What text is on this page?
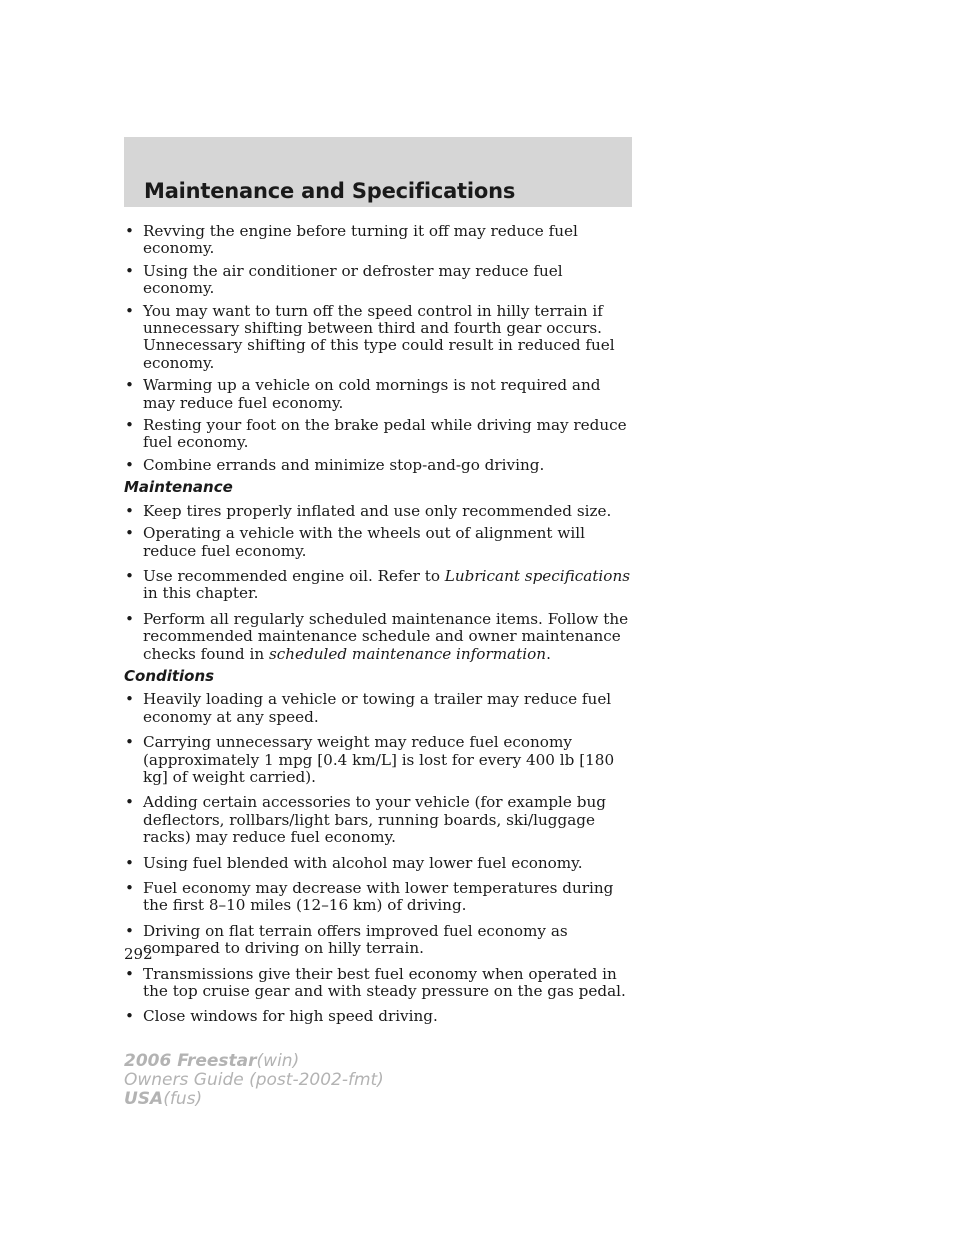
Maintenance and Specifications
• Revving the engine before turning it off may reduce fuel economy.
• Using the air conditioner or defroster may reduce fuel economy.
• You may want to turn off the speed control in hilly terrain if unnecessary shifting between third and fourth gear occurs. Unnecessary shifting of this type could result in reduced fuel economy.
• Warming up a vehicle on cold mornings is not required and may reduce fuel economy.
• Resting your foot on the brake pedal while driving may reduce fuel economy.
• Combine errands and minimize stop-and-go driving.
Maintenance
• Keep tires properly inflated and use only recommended size.
• Operating a vehicle with the wheels out of alignment will reduce fuel economy.
• Use recommended engine oil. Refer to Lubricant specifications in this chapter.
• Perform all regularly scheduled maintenance items. Follow the recommended maintenance schedule and owner maintenance checks found in scheduled maintenance information.
Conditions
• Heavily loading a vehicle or towing a trailer may reduce fuel economy at any speed.
• Carrying unnecessary weight may reduce fuel economy (approximately 1 mpg [0.4 km/L] is lost for every 400 lb [180 kg] of weight carried).
• Adding certain accessories to your vehicle (for example bug deflectors, rollbars/light bars, running boards, ski/luggage racks) may reduce fuel economy.
• Using fuel blended with alcohol may lower fuel economy.
• Fuel economy may decrease with lower temperatures during the first 8–10 miles (12–16 km) of driving.
• Driving on flat terrain offers improved fuel economy as compared to driving on hilly terrain.
• Transmissions give their best fuel economy when operated in the top cruise gear and with steady pressure on the gas pedal.
• Close windows for high speed driving.
292
2006 Freestar(win)
Owners Guide (post-2002-fmt)
USA(fus)
